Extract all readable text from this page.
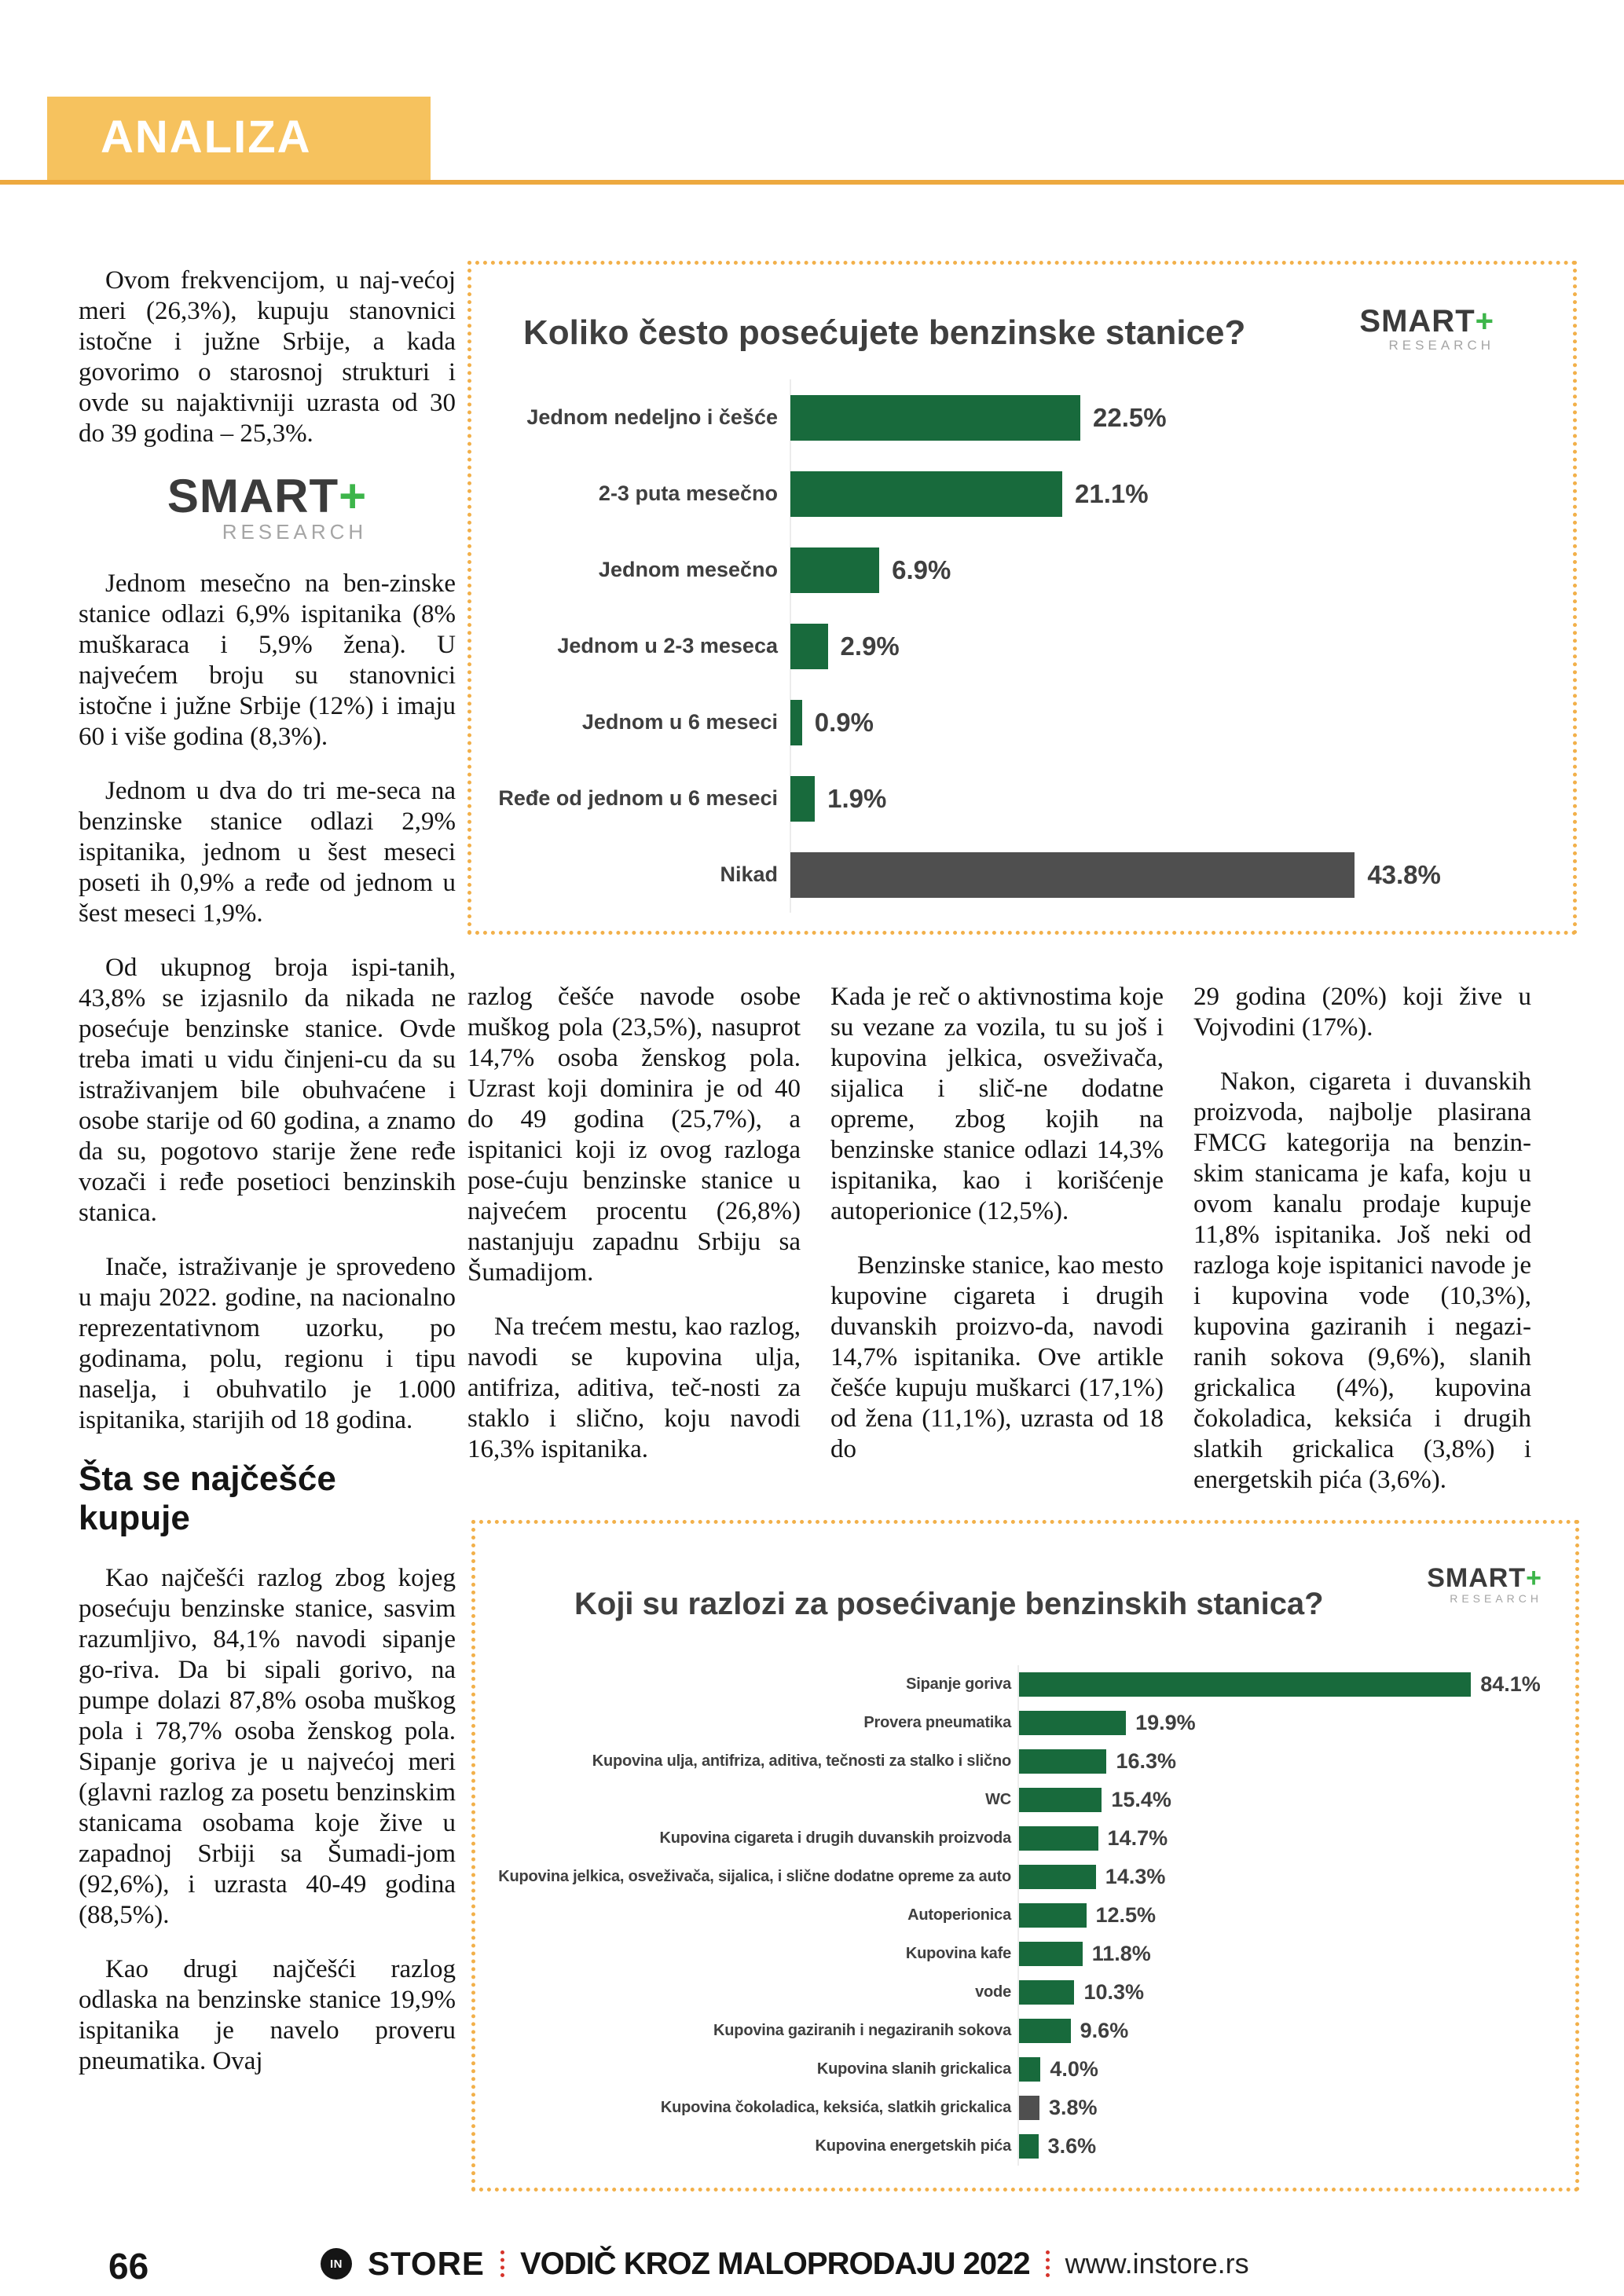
ANALIZA

Ovom frekvencijom, u naj-većoj meri (26,3%), kupuju stanovnici istočne i južne Srbije, a kada govorimo o starosnoj strukturi i ovde su najaktivniji uzrasta od 30 do 39 godina – 25,3%.

SMART+
RESEARCH

Jednom mesečno na ben-zinske stanice odlazi 6,9% ispitanika (8% muškaraca i 5,9% žena). U najvećem broju su stanovnici istočne i južne Srbije (12%) i imaju 60 i više godina (8,3%).

Jednom u dva do tri me-seca na benzinske stanice odlazi 2,9% ispitanika, jednom u šest meseci poseti ih 0,9% a ređe od jednom u šest meseci 1,9%.

Od ukupnog broja ispi-tanih, 43,8% se izjasnilo da nikada ne posećuje benzinske stanice. Ovde treba imati u vidu činjeni-cu da su istraživanjem bile obuhvaćene i osobe starije od 60 godina, a znamo da su, pogotovo starije žene ređe vozači i ređe posetioci benzinskih stanica.

Inače, istraživanje je sprovedeno u maju 2022. godine, na nacionalno reprezentativnom uzorku, po godinama, polu, regionu i tipu naselja, i obuhvatilo je 1.000 ispitanika, starijih od 18 godina.

Šta se najčešće kupuje

Kao najčešći razlog zbog kojeg posećuju benzinske stanice, sasvim razumljivo, 84,1% navodi sipanje go-riva. Da bi sipali gorivo, na pumpe dolazi 87,8% osoba muškog pola i 78,7% osoba ženskog pola. Sipanje goriva je u najvećoj meri (glavni razlog za posetu benzinskim stanicama osobama koje žive u zapadnoj Srbiji sa Šumadi-jom (92,6%), i uzrasta 40-49 godina (88,5%).

Kao drugi najčešći razlog odlaska na benzinske stanice 19,9% ispitanika je navelo proveru pneumatika. Ovaj

Koliko često posećujete benzinske stanice?	SMART+
RESEARCH
Jednom nedeljno i češće	22.5%
2-3 puta mesečno	21.1%
Jednom mesečno	6.9%
Jednom u 2-3 meseca	2.9%
Jednom u 6 meseci	0.9%
Ređe od jednom u 6 meseci	1.9%
Nikad	43.8%

razlog češće navode osobe muškog pola (23,5%), nasuprot 14,7% osoba ženskog pola. Uzrast koji dominira je od 40 do 49 godina (25,7%), a ispitanici koji iz ovog razloga pose-ćuju benzinske stanice u najvećem procentu (26,8%) nastanjuju zapadnu Srbiju sa Šumadijom.

Na trećem mestu, kao razlog, navodi se kupovina ulja, antifriza, aditiva, teč-nosti za staklo i slično, koju navodi 16,3% ispitanika.

Kada je reč o aktivnostima koje su vezane za vozila, tu su još i kupovina jelkica, osveživača, sijalica i slič-ne dodatne opreme, zbog kojih na benzinske stanice odlazi 14,3% ispitanika, kao i korišćenje autoperionice (12,5%).

Benzinske stanice, kao mesto kupovine cigareta i drugih duvanskih proizvo-da, navodi 14,7% ispitanika. Ove artikle češće kupuju muškarci (17,1%) od žena (11,1%), uzrasta od 18 do

29 godina (20%) koji žive u Vojvodini (17%).

Nakon, cigareta i duvanskih proizvoda, najbolje plasirana FMCG kategorija na benzin-skim stanicama je kafa, koju u ovom kanalu prodaje kupuje 11,8% ispitanika. Još neki od razloga koje ispitanici navode je i kupovina vode (10,3%), kupovina gaziranih i negazi-ranih sokova (9,6%), slanih grickalica (4%), kupovina čokoladica, keksića i drugih slatkih grickalica (3,8%) i energetskih pića (3,6%).

Koji su razlozi za posećivanje benzinskih stanica?
SMART+
RESEARCH
Sipanje goriva	84.1%
Provera pneumatika	19.9%
Kupovina ulja, antifriza, aditiva, tečnosti za stalko i slično	16.3%
WC	15.4%
Kupovina cigareta i drugih duvanskih proizvoda	14.7%
Kupovina jelkica, osveživača, sijalica, i slične dodatne opreme za auto	14.3%
Autoperionica	12.5%
Kupovina kafe	11.8%
vode	10.3%
Kupovina gaziranih i negaziranih sokova	9.6%
Kupovina slanih grickalica	4.0%
Kupovina čokoladica, keksića, slatkih grickalica	3.8%
Kupovina energetskih pića	3.6%
66	IN STORE VODIČ KROZ MALOPRODAJU 2022 www.instore.rs
